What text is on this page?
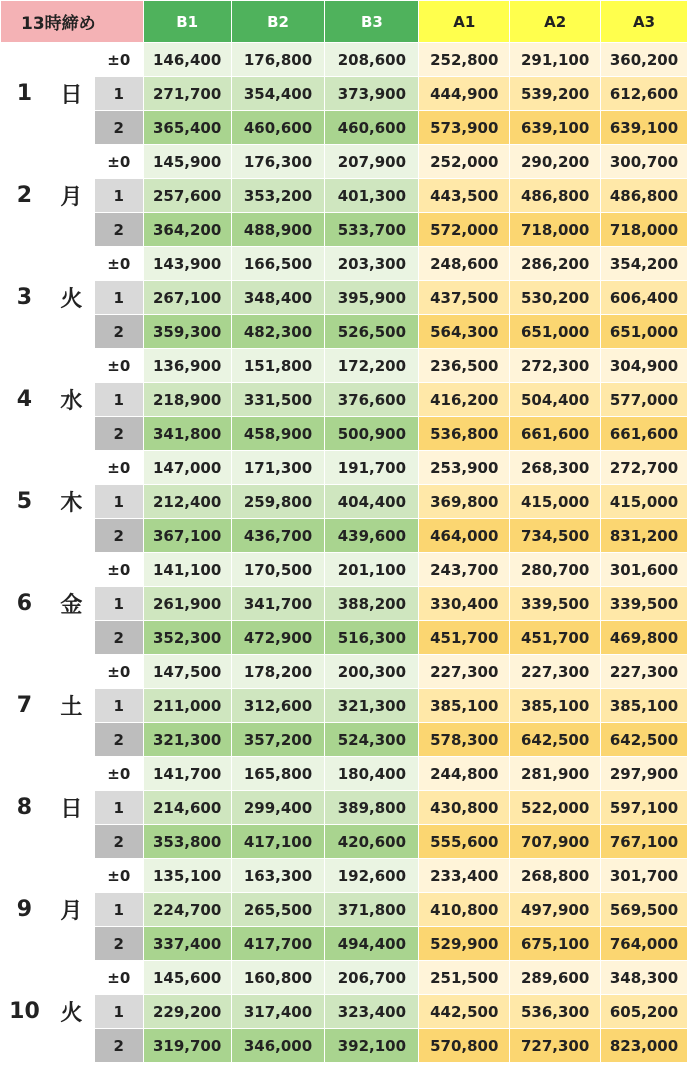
13時締め			B1	B2	B3	A1	A2	A3
1	日	±0	146,400	176,800	208,600	252,800	291,100	360,200
		1	271,700	354,400	373,900	444,900	539,200	612,600
		2	365,400	460,600	460,600	573,900	639,100	639,100
2	月	±0	145,900	176,300	207,900	252,000	290,200	300,700
		1	257,600	353,200	401,300	443,500	486,800	486,800
		2	364,200	488,900	533,700	572,000	718,000	718,000
3	火	±0	143,900	166,500	203,300	248,600	286,200	354,200
		1	267,100	348,400	395,900	437,500	530,200	606,400
		2	359,300	482,300	526,500	564,300	651,000	651,000
4	水	±0	136,900	151,800	172,200	236,500	272,300	304,900
		1	218,900	331,500	376,600	416,200	504,400	577,000
		2	341,800	458,900	500,900	536,800	661,600	661,600
5	木	±0	147,000	171,300	191,700	253,900	268,300	272,700
		1	212,400	259,800	404,400	369,800	415,000	415,000
		2	367,100	436,700	439,600	464,000	734,500	831,200
6	金	±0	141,100	170,500	201,100	243,700	280,700	301,600
		1	261,900	341,700	388,200	330,400	339,500	339,500
		2	352,300	472,900	516,300	451,700	451,700	469,800
7	土	±0	147,500	178,200	200,300	227,300	227,300	227,300
		1	211,000	312,600	321,300	385,100	385,100	385,100
		2	321,300	357,200	524,300	578,300	642,500	642,500
8	日	±0	141,700	165,800	180,400	244,800	281,900	297,900
		1	214,600	299,400	389,800	430,800	522,000	597,100
		2	353,800	417,100	420,600	555,600	707,900	767,100
9	月	±0	135,100	163,300	192,600	233,400	268,800	301,700
		1	224,700	265,500	371,800	410,800	497,900	569,500
		2	337,400	417,700	494,400	529,900	675,100	764,000
10	火	±0	145,600	160,800	206,700	251,500	289,600	348,300
		1	229,200	317,400	323,400	442,500	536,300	605,200
		2	319,700	346,000	392,100	570,800	727,300	823,000
